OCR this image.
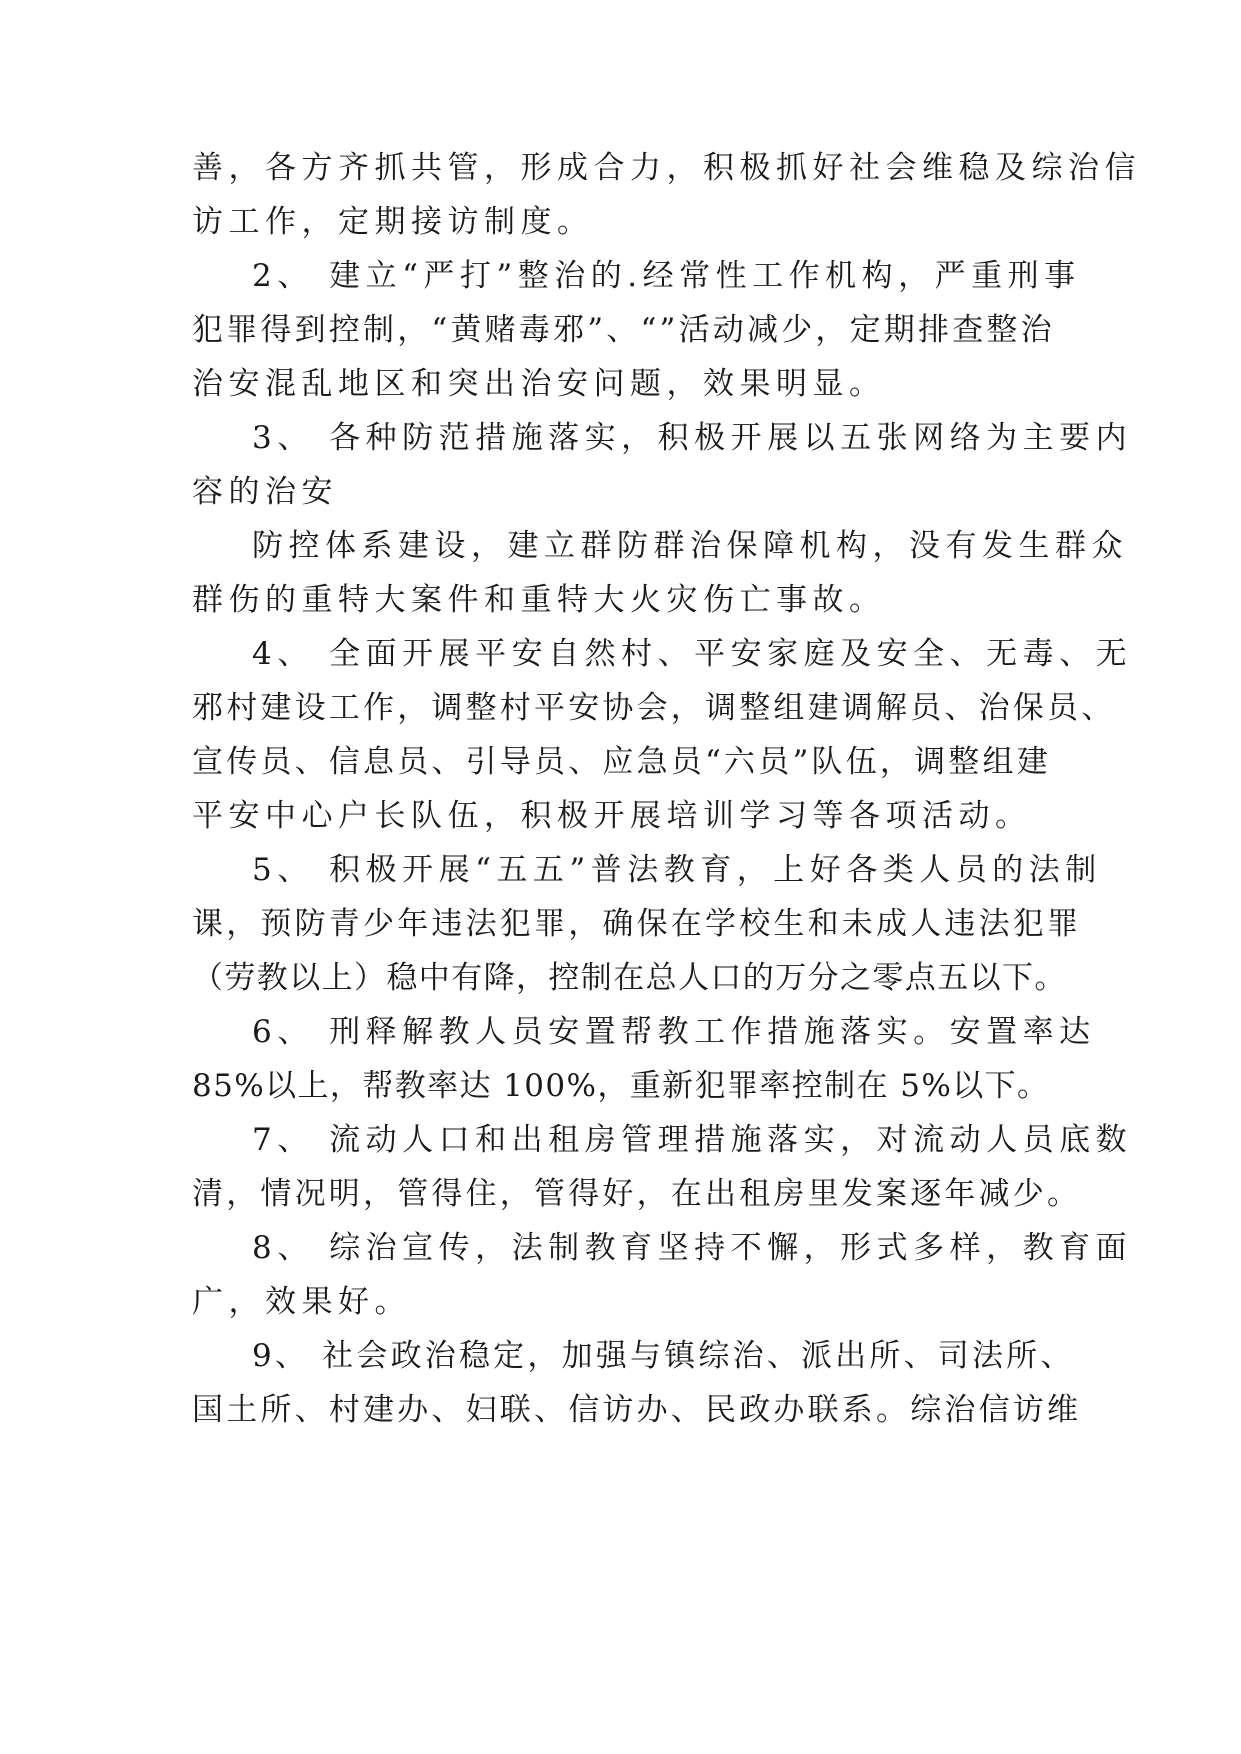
善，各方齐抓共管，形成合力，积极抓好社会维稳及综治信
访工作，定期接访制度。
2、 建立“严打”整治的.经常性工作机构，严重刑事
犯罪得到控制，“黄赌毒邪”、“”活动减少，定期排查整治
治安混乱地区和突出治安问题，效果明显。
3、 各种防范措施落实，积极开展以五张网络为主要内
容的治安
防控体系建设，建立群防群治保障机构，没有发生群众
群伤的重特大案件和重特大火灾伤亡事故。
4、 全面开展平安自然村、平安家庭及安全、无毒、无
邪村建设工作，调整村平安协会，调整组建调解员、治保员、
宣传员、信息员、引导员、应急员“六员”队伍，调整组建
平安中心户长队伍，积极开展培训学习等各项活动。
5、 积极开展“五五”普法教育，上好各类人员的法制
课，预防青少年违法犯罪，确保在学校生和未成人违法犯罪
（劳教以上）稳中有降，控制在总人口的万分之零点五以下。
6、 刑释解教人员安置帮教工作措施落实。安置率达
85%以上，帮教率达 100%，重新犯罪率控制在 5%以下。
7、 流动人口和出租房管理措施落实，对流动人员底数
清，情况明，管得住，管得好，在出租房里发案逐年减少。
8、 综治宣传，法制教育坚持不懈，形式多样，教育面
广，效果好。
9、 社会政治稳定，加强与镇综治、派出所、司法所、
国土所、村建办、妇联、信访办、民政办联系。综治信访维
